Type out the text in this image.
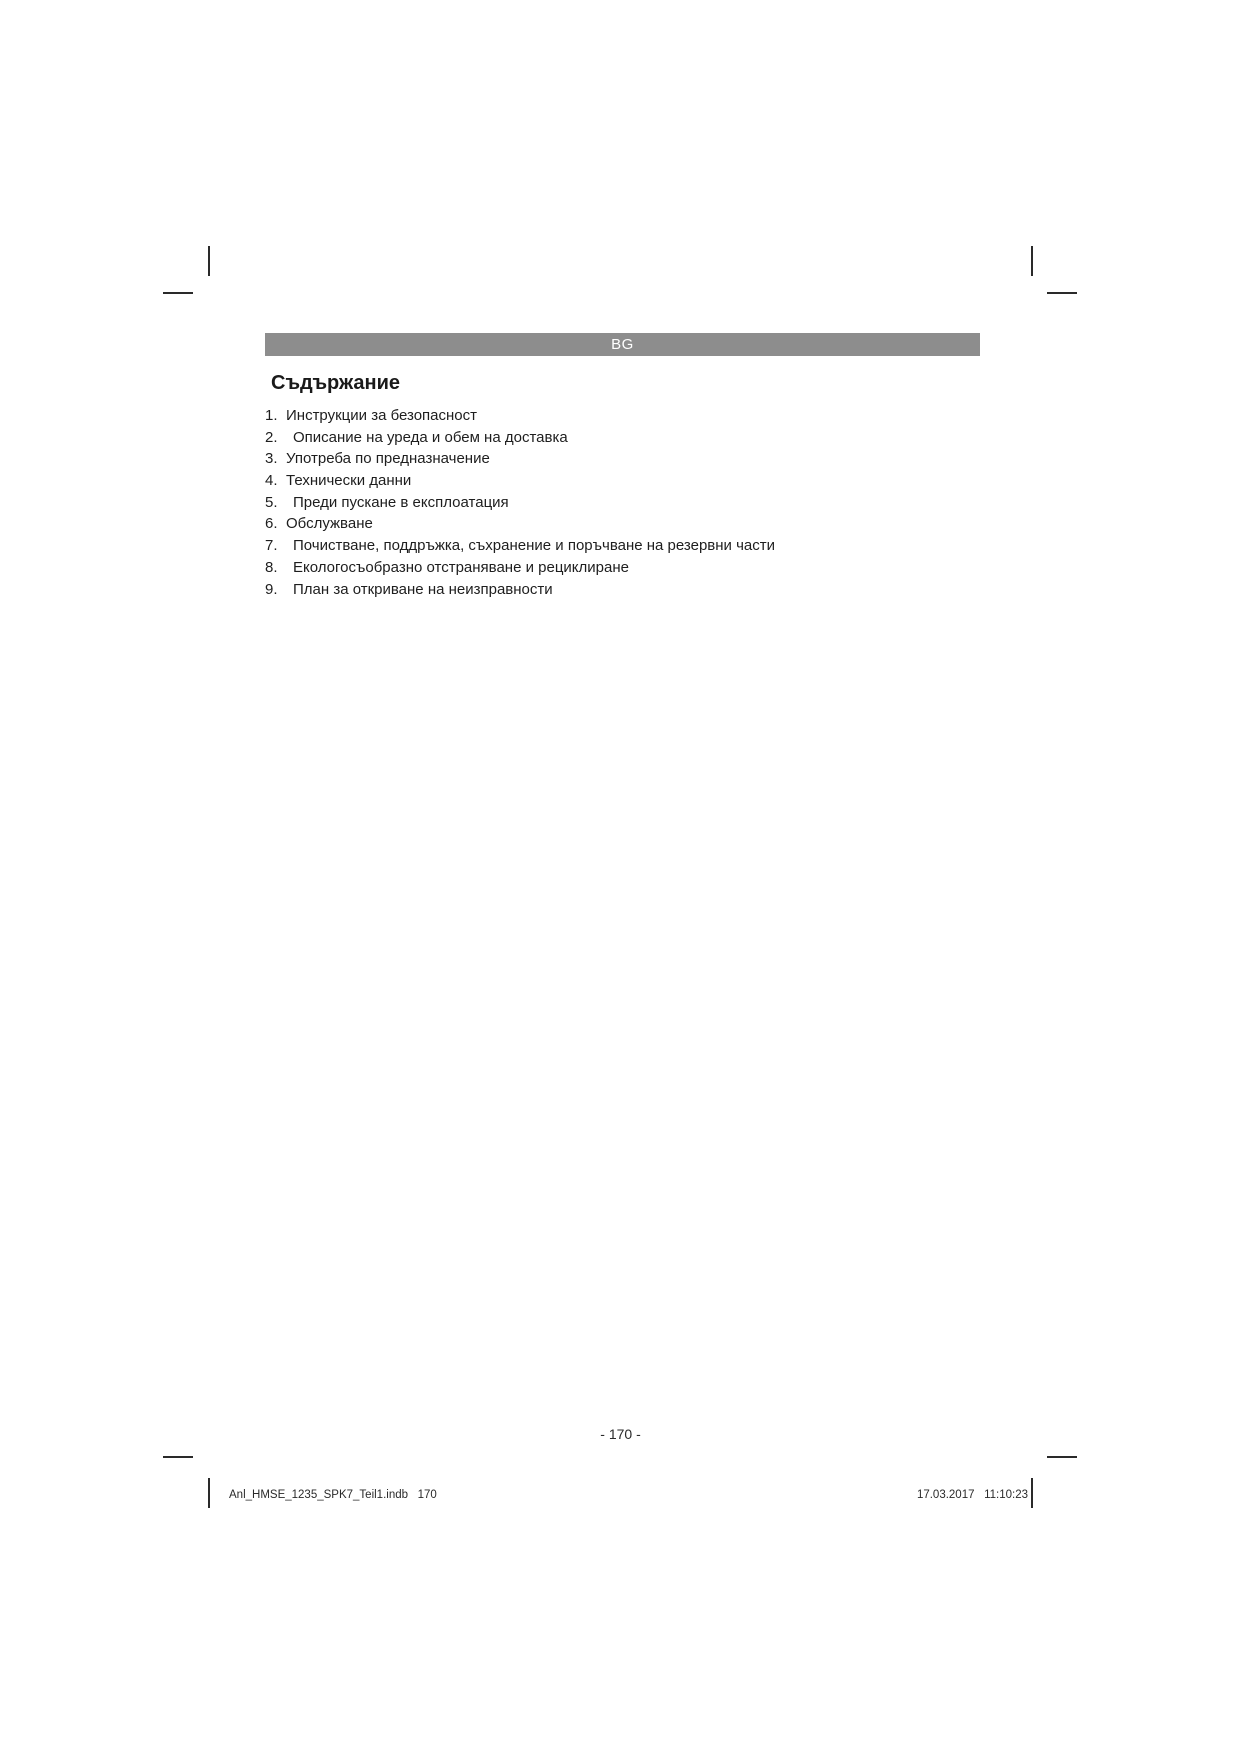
BG
Съдържание
1. Инструкции за безопасност
2. Описание на уреда и обем на доставка
3. Употреба по предназначение
4. Технически данни
5. Преди пускане в експлоатация
6. Обслужване
7. Почистване, поддръжка, съхранение и поръчване на резервни части
8. Екологосъобразно отстраняване и рециклиране
9. План за откриване на неизправности
- 170 -
Anl_HMSE_1235_SPK7_Teil1.indb   170	17.03.2017   11:10:23
